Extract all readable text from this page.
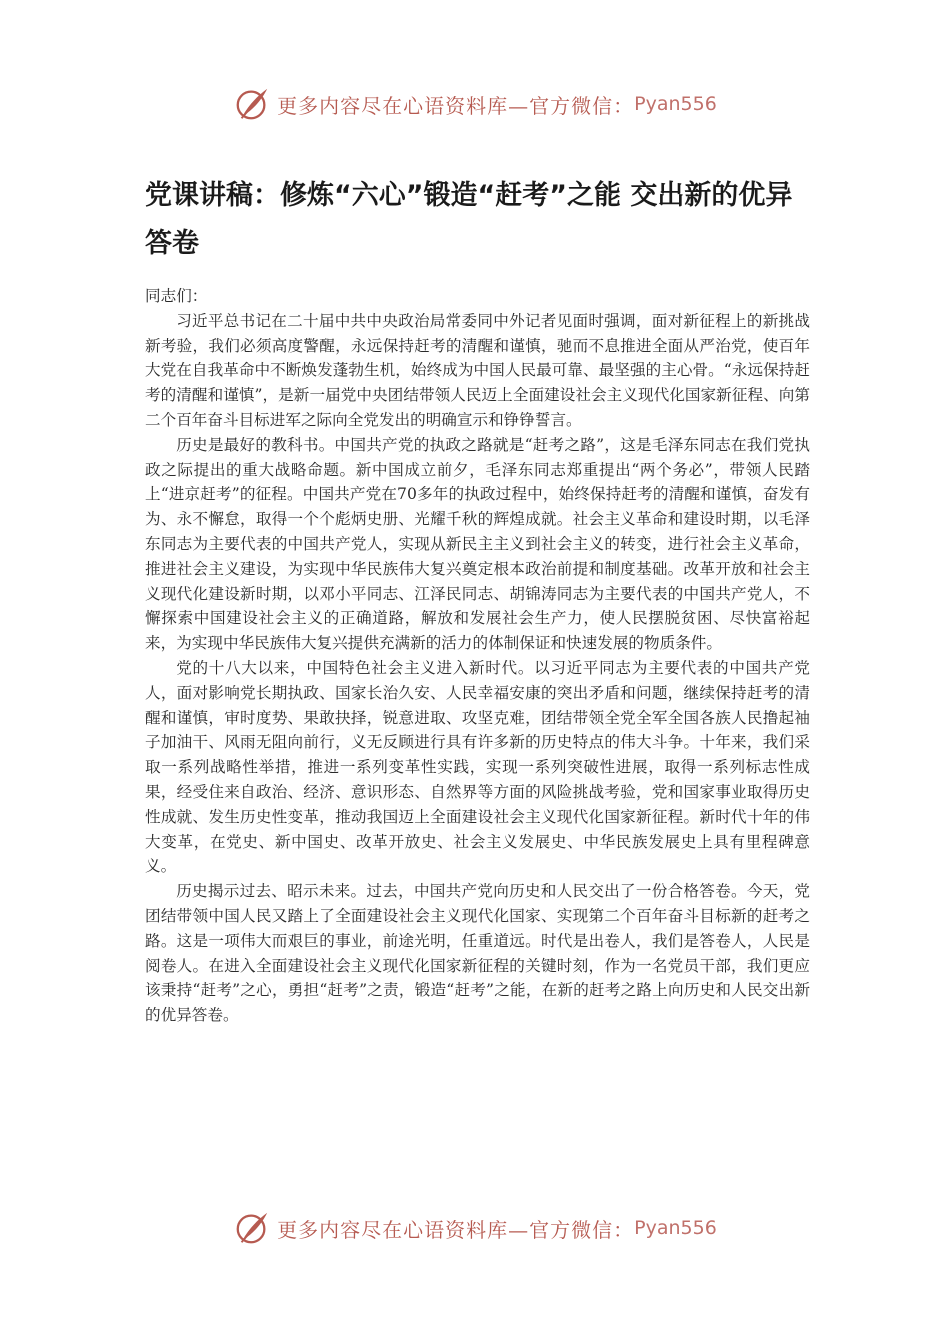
更多内容尽在心语资料库—官方微信： Pyan556
党课讲稿：修炼“六心”锻造“赶考”之能 交出新的优异答卷

同志们：

习近平总书记在二十届中共中央政治局常委同中外记者见面时强调，面对新征程上的新挑战新考验，我们必须高度警醒，永远保持赶考的清醒和谨慎，驰而不息推进全面从严治党，使百年大党在自我革命中不断焕发蓬勃生机，始终成为中国人民最可靠、最坚强的主心骨。“永远保持赶考的清醒和谨慎”，是新一届党中央团结带领人民迈上全面建设社会主义现代化国家新征程、向第二个百年奋斗目标进军之际向全党发出的明确宣示和铮铮誓言。

历史是最好的教科书。中国共产党的执政之路就是“赶考之路”，这是毛泽东同志在我们党执政之际提出的重大战略命题。新中国成立前夕，毛泽东同志郑重提出“两个务必”，带领人民踏上“进京赶考”的征程。中国共产党在70多年的执政过程中，始终保持赶考的清醒和谨慎，奋发有为、永不懈怠，取得一个个彪炳史册、光耀千秋的辉煌成就。社会主义革命和建设时期，以毛泽东同志为主要代表的中国共产党人，实现从新民主主义到社会主义的转变，进行社会主义革命，推进社会主义建设，为实现中华民族伟大复兴奠定根本政治前提和制度基础。改革开放和社会主义现代化建设新时期，以邓小平同志、江泽民同志、胡锦涛同志为主要代表的中国共产党人，不懈探索中国建设社会主义的正确道路，解放和发展社会生产力，使人民摆脱贫困、尽快富裕起来，为实现中华民族伟大复兴提供充满新的活力的体制保证和快速发展的物质条件。

党的十八大以来，中国特色社会主义进入新时代。以习近平同志为主要代表的中国共产党人，面对影响党长期执政、国家长治久安、人民幸福安康的突出矛盾和问题，继续保持赶考的清醒和谨慎，审时度势、果敢抉择，锐意进取、攻坚克难，团结带领全党全军全国各族人民撸起袖子加油干、风雨无阻向前行，义无反顾进行具有许多新的历史特点的伟大斗争。十年来，我们采取一系列战略性举措，推进一系列变革性实践，实现一系列突破性进展，取得一系列标志性成果，经受住来自政治、经济、意识形态、自然界等方面的风险挑战考验，党和国家事业取得历史性成就、发生历史性变革，推动我国迈上全面建设社会主义现代化国家新征程。新时代十年的伟大变革，在党史、新中国史、改革开放史、社会主义发展史、中华民族发展史上具有里程碑意义。

历史揭示过去、昭示未来。过去，中国共产党向历史和人民交出了一份合格答卷。今天，党团结带领中国人民又踏上了全面建设社会主义现代化国家、实现第二个百年奋斗目标新的赶考之路。这是一项伟大而艰巨的事业，前途光明，任重道远。时代是出卷人，我们是答卷人，人民是阅卷人。在进入全面建设社会主义现代化国家新征程的关键时刻，作为一名党员干部，我们更应该秉持“赶考”之心，勇担“赶考”之责，锻造“赶考”之能，在新的赶考之路上向历史和人民交出新的优异答卷。

更多内容尽在心语资料库—官方微信： Pyan556
